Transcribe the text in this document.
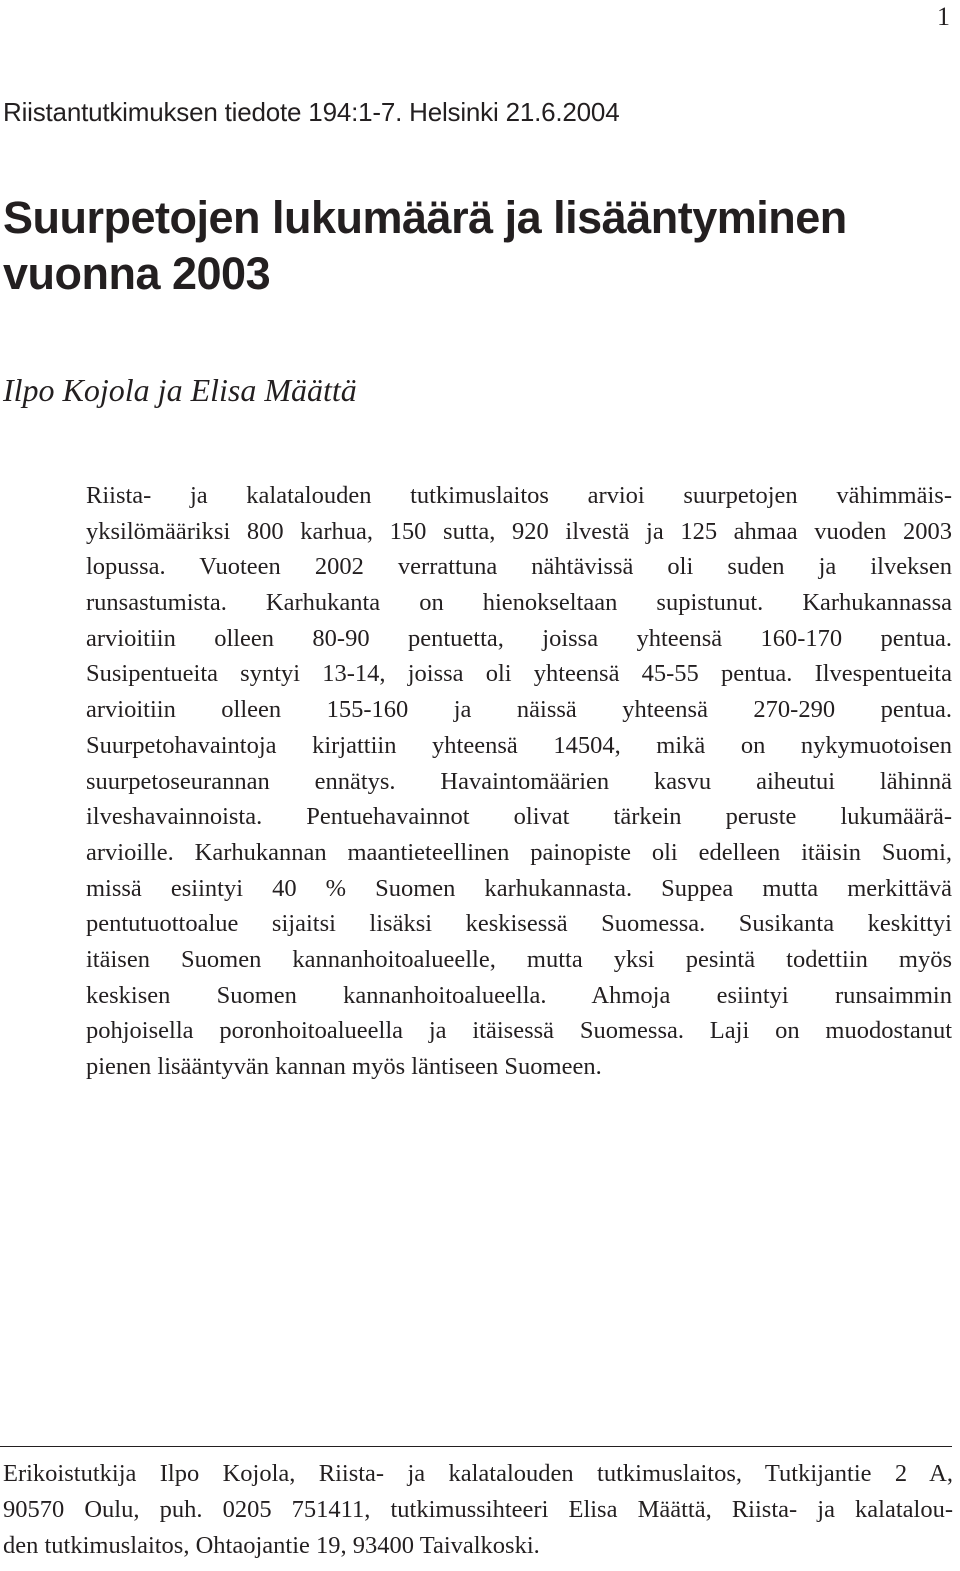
1
Riistantutkimuksen tiedote 194:1-7. Helsinki 21.6.2004
Suurpetojen lukumäärä ja lisääntyminen
vuonna 2003
Ilpo Kojola ja Elisa Määttä
Riista- ja kalatalouden tutkimuslaitos arvioi suurpetojen vähimmäis-
yksilömääriksi 800 karhua, 150 sutta, 920 ilvestä ja 125 ahmaa vuoden 2003
lopussa. Vuoteen 2002 verrattuna nähtävissä oli suden ja ilveksen
runsastumista. Karhukanta on hienokseltaan supistunut. Karhukannassa
arvioitiin olleen 80-90 pentuetta, joissa yhteensä 160-170 pentua.
Susipentueita syntyi 13-14, joissa oli yhteensä 45-55 pentua. Ilvespentueita
arvioitiin olleen 155-160 ja näissä yhteensä 270-290 pentua.
Suurpetohavaintoja kirjattiin yhteensä 14504, mikä on nykymuotoisen
suurpetoseurannan ennätys. Havaintomäärien kasvu aiheutui lähinnä
ilveshavainnoista. Pentuehavainnot olivat tärkein peruste lukumäärä-
arvioille. Karhukannan maantieteellinen painopiste oli edelleen itäisin Suomi,
missä esiintyi 40 % Suomen karhukannasta. Suppea mutta merkittävä
pentutuottoalue sijaitsi lisäksi keskisessä Suomessa. Susikanta keskittyi
itäisen Suomen kannanhoitoalueelle, mutta yksi pesintä todettiin myös
keskisen Suomen kannanhoitoalueella. Ahmoja esiintyi runsaimmin
pohjoisella poronhoitoalueella ja itäisessä Suomessa. Laji on muodostanut
pienen lisääntyvän kannan myös läntiseen Suomeen.
Erikoistutkija Ilpo Kojola, Riista- ja kalatalouden tutkimuslaitos, Tutkijantie 2 A,
90570 Oulu, puh. 0205 751411, tutkimussihteeri Elisa Määttä, Riista- ja kalatalou-
den tutkimuslaitos, Ohtaojantie 19, 93400 Taivalkoski.
